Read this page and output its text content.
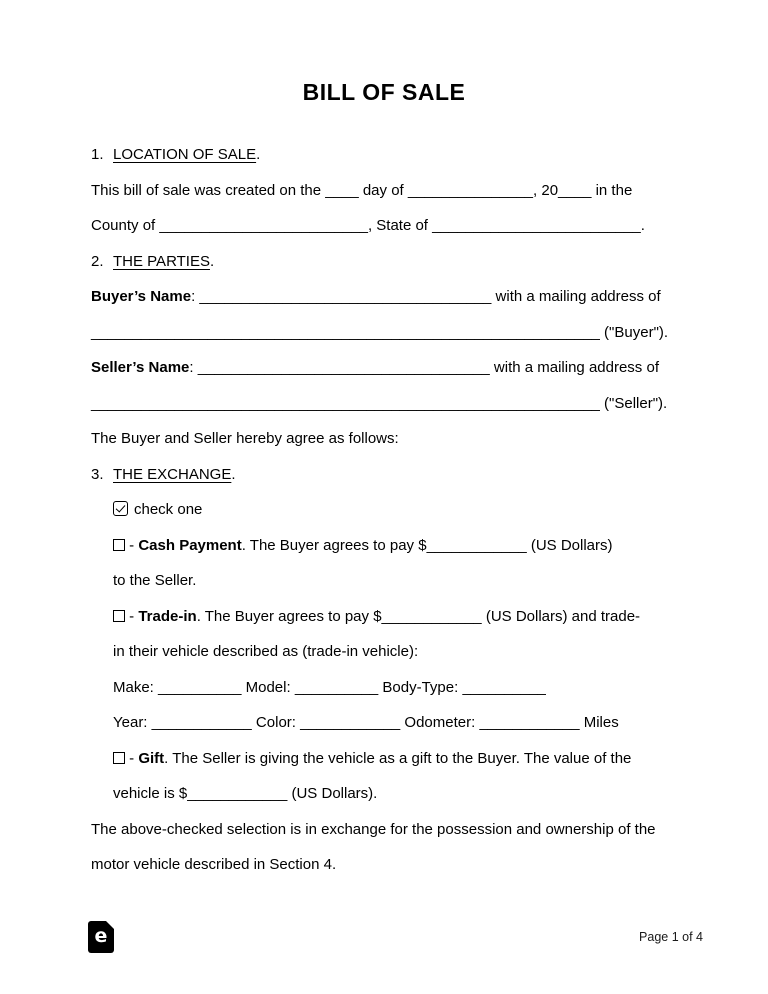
BILL OF SALE
1. LOCATION OF SALE.
This bill of sale was created on the ____ day of _______________, 20____ in the
County of _________________________, State of _________________________.
2. THE PARTIES.
Buyer’s Name: ___________________________________ with a mailing address of
_____________________________________________________________ ("Buyer").
Seller’s Name: ___________________________________ with a mailing address of
_____________________________________________________________ ("Seller").
The Buyer and Seller hereby agree as follows:
3. THE EXCHANGE.
check one
- Cash Payment. The Buyer agrees to pay $____________ (US Dollars)
to the Seller.
- Trade-in. The Buyer agrees to pay $____________ (US Dollars) and trade-
in their vehicle described as (trade-in vehicle):
Make: __________ Model: __________ Body-Type: __________
Year: ____________ Color: ____________ Odometer: ____________ Miles
- Gift. The Seller is giving the vehicle as a gift to the Buyer. The value of the
vehicle is $____________ (US Dollars).
The above-checked selection is in exchange for the possession and ownership of the
motor vehicle described in Section 4.
e	Page 1 of 4
